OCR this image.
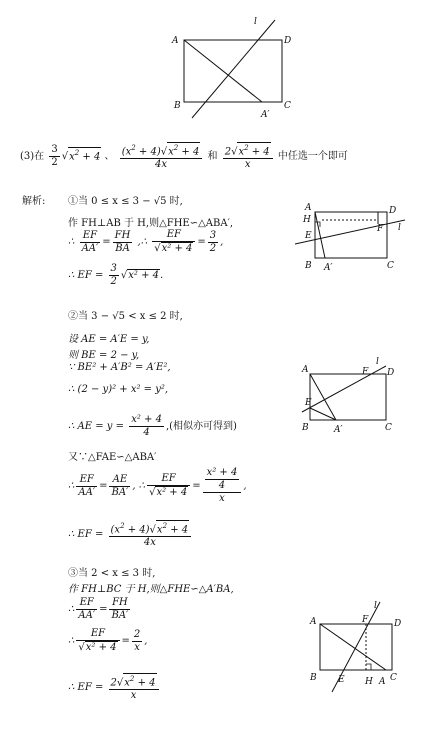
A	D
B	C
A′
l
(3)在 $\frac{3}{2} √x^2 + 4$ 、 $\frac{(x^2 + 4)√x^2 + 4}{4x}$ 和 $\frac{2√x^2 + 4}{x}$ 中任选一个即可
解析: ①当 0 ≤ x ≤ 3 − √5 时,
作 FH⊥AB 于 H,则△FHE∽△ABA′,
∴ $\frac{EF}{AA'} = \frac{FH}{BA}$ ,∴ $\frac{EF}{\text{√x² + 4}} = \frac{3}{2}$ ,
∴ EF = $\frac{3}{2} √x^2 + 4$.
A	D
H
E
F l
B A′	C
②当 3 − √5 < x ≤ 2 时,
设 AE = A′E = y,
则 BE = 2 − y,
∵ BE² + A′B² = A′E²,
∴ (2 − y)² + x² = y²,
∴ AE = $y = \frac{\text{x² + 4}}{4}$ ,(相似亦可得到)
又∵△FAE∽△ABA′
∴ $\frac{EF}{AA'} = \frac{AE}{BA'}$ , ∴ $\frac{EF}{\text{√x² + 4}} = \frac{\frac{\text{x² + 4}}{4}}{x}$ ,
∴ EF = $\frac{(x^2 + 4)√x^2 + 4}{4x}$
A	F D
l
E
B	A′	C
③当 2 < x ≤ 3 时,
作 FH⊥BC 于 H,则△FHE∽△A′BA,
∴ $\frac{EF}{AA'} = \frac{FH}{BA'}$
∴ $\frac{EF}{\text{√x² + 4}} = \frac{2}{x}$ ,
∴ EF = $\frac{2√x^2 + 4}{x}$
l
A	F	D
B E H A C
